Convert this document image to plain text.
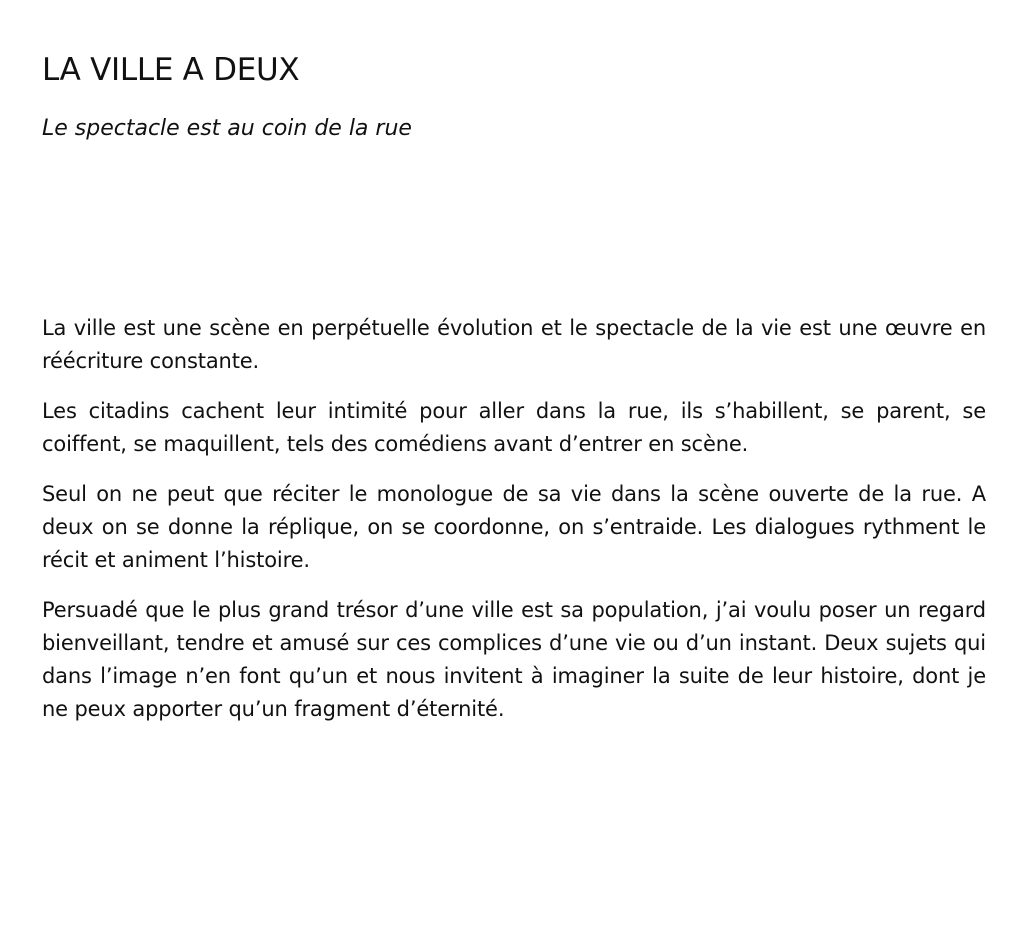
LA VILLE A DEUX
Le spectacle est au coin de la rue

La ville est une scène en perpétuelle évolution et le spectacle de la vie est une œuvre en réécriture constante.

Les citadins cachent leur intimité pour aller dans la rue, ils s’habillent, se parent, se coiffent, se maquillent, tels des comédiens avant d’entrer en scène.

Seul on ne peut que réciter le monologue de sa vie dans la scène ouverte de la rue. A deux on se donne la réplique, on se coordonne, on s’entraide. Les dialogues rythment le récit et animent l’histoire.

Persuadé que le plus grand trésor d’une ville est sa population, j’ai voulu poser un regard bienveillant, tendre et amusé sur ces complices d’une vie ou d’un instant. Deux sujets qui dans l’image n’en font qu’un et nous invitent à imaginer la suite de leur histoire, dont je ne peux apporter qu’un fragment d’éternité.
